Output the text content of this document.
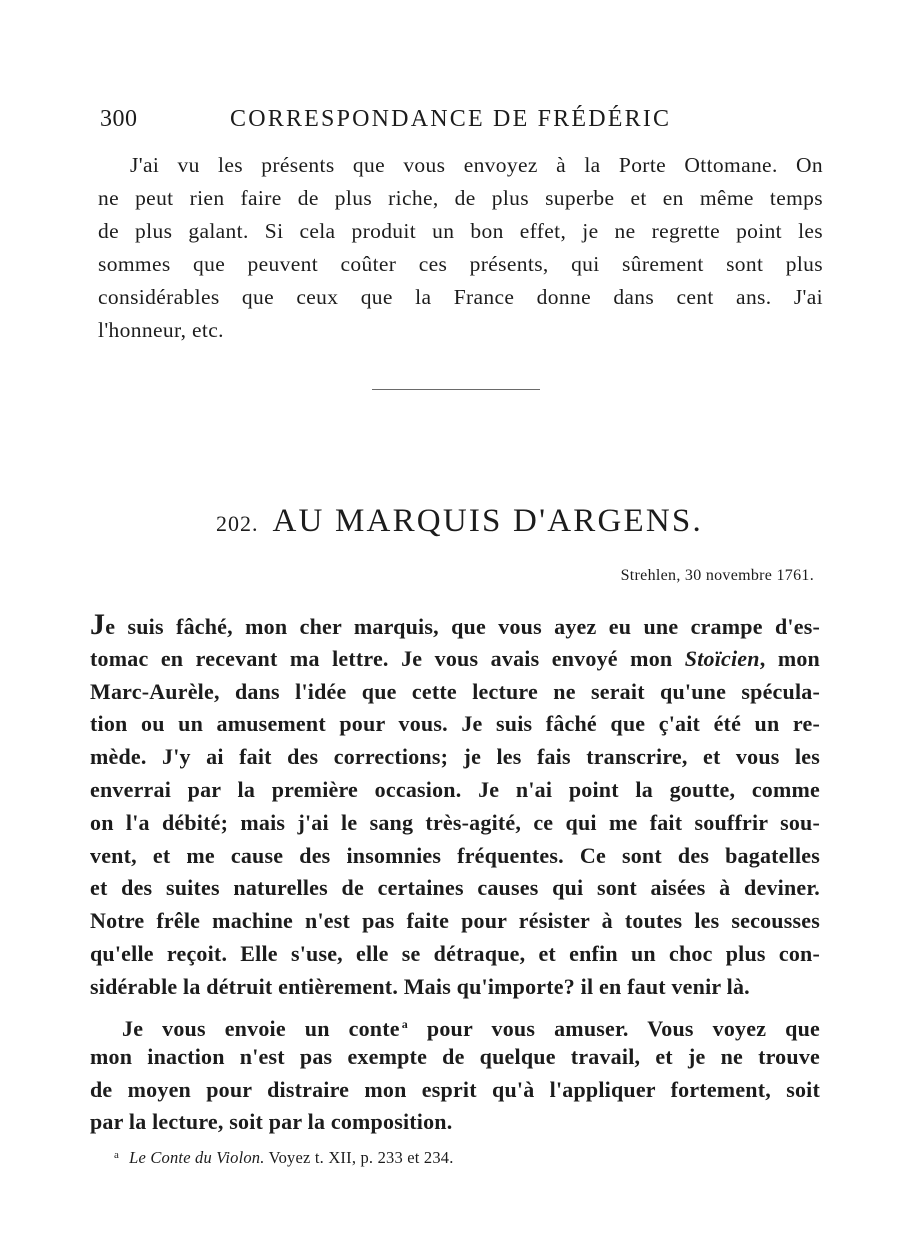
300	CORRESPONDANCE DE FRÉDÉRIC
J'ai vu les présents que vous envoyez à la Porte Ottomane. On
ne peut rien faire de plus riche, de plus superbe et en même temps
de plus galant. Si cela produit un bon effet, je ne regrette point les
sommes que peuvent coûter ces présents, qui sûrement sont plus
considérables que ceux que la France donne dans cent ans. J'ai
l'honneur, etc.
202. AU MARQUIS D'ARGENS.
Strehlen, 30 novembre 1761.
Je suis fâché, mon cher marquis, que vous ayez eu une crampe d'es-
tomac en recevant ma lettre. Je vous avais envoyé mon Stoïcien, mon
Marc-Aurèle, dans l'idée que cette lecture ne serait qu'une spécula-
tion ou un amusement pour vous. Je suis fâché que ç'ait été un re-
mède. J'y ai fait des corrections; je les fais transcrire, et vous les
enverrai par la première occasion. Je n'ai point la goutte, comme
on l'a débité; mais j'ai le sang très-agité, ce qui me fait souffrir sou-
vent, et me cause des insomnies fréquentes. Ce sont des bagatelles
et des suites naturelles de certaines causes qui sont aisées à deviner.
Notre frêle machine n'est pas faite pour résister à toutes les secousses
qu'elle reçoit. Elle s'use, elle se détraque, et enfin un choc plus con-
sidérable la détruit entièrement. Mais qu'importe? il en faut venir là.
Je vous envoie un conte $^a$ pour vous amuser. Vous voyez que
mon inaction n'est pas exempte de quelque travail, et je ne trouve
de moyen pour distraire mon esprit qu'à l'appliquer fortement, soit
par la lecture, soit par la composition.
$^a$ Le Conte du Violon. Voyez t. XII, p. 233 et 234.
